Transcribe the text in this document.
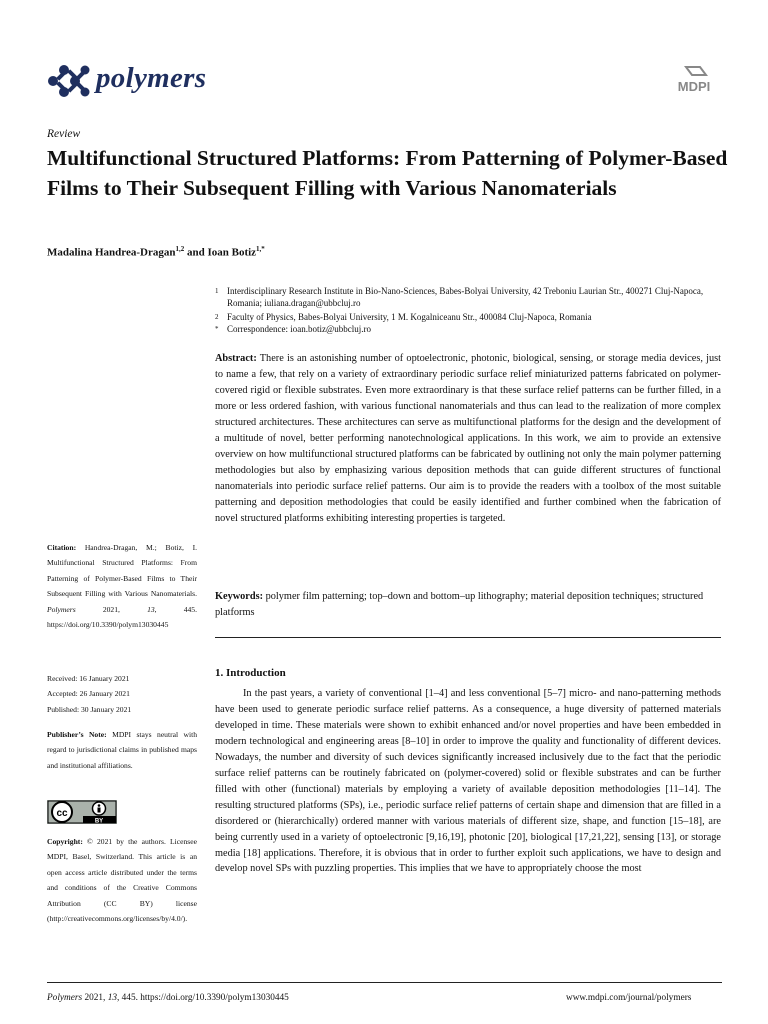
polymers	MDPI
Review
Multifunctional Structured Platforms: From Patterning of Polymer-Based Films to Their Subsequent Filling with Various Nanomaterials
Madalina Handrea-Dragan$^{1,2}$ and Ioan Botiz$^{1,*}$
1 Interdisciplinary Research Institute in Bio-Nano-Sciences, Babes-Bolyai University, 42 Treboniu Laurian Str., 400271 Cluj-Napoca, Romania; iuliana.dragan@ubbcluj.ro
2 Faculty of Physics, Babes-Bolyai University, 1 M. Kogalniceanu Str., 400084 Cluj-Napoca, Romania
* Correspondence: ioan.botiz@ubbcluj.ro
Abstract: There is an astonishing number of optoelectronic, photonic, biological, sensing, or storage media devices, just to name a few, that rely on a variety of extraordinary periodic surface relief miniaturized patterns fabricated on polymer-covered rigid or flexible substrates. Even more extraordinary is that these surface relief patterns can be further filled, in a more or less ordered fashion, with various functional nanomaterials and thus can lead to the realization of more complex structured architectures. These architectures can serve as multifunctional platforms for the design and the development of a multitude of novel, better performing nanotechnological applications. In this work, we aim to provide an extensive overview on how multifunctional structured platforms can be fabricated by outlining not only the main polymer patterning methodologies but also by emphasizing various deposition methods that can guide different structures of functional nanomaterials into periodic surface relief patterns. Our aim is to provide the readers with a toolbox of the most suitable patterning and deposition methodologies that could be easily identified and further combined when the fabrication of novel structured platforms exhibiting interesting properties is targeted.
Keywords: polymer film patterning; top–down and bottom–up lithography; material deposition techniques; structured platforms
1. Introduction
In the past years, a variety of conventional [1–4] and less conventional [5–7] micro- and nano-patterning methods have been used to generate periodic surface relief patterns. As a consequence, a huge diversity of patterned materials developed in time. These materials were shown to exhibit enhanced and/or novel properties and have been embedded in modern technological and engineering areas [8–10] in order to improve the quality and functionality of different devices. Nowadays, the number and diversity of such devices significantly increased inclusively due to the fact that the periodic surface relief patterns can be routinely fabricated on (polymer-covered) solid or flexible substrates and can be further filled with other (functional) materials by employing a variety of available deposition methodologies [11–14]. The resulting structured platforms (SPs), i.e., periodic surface relief patterns of certain shape and dimension that are filled in a disordered or (hierarchically) ordered manner with various materials of different size, shape, and function [15–18], are being currently used in a variety of optoelectronic [9,16,19], photonic [20], biological [17,21,22], sensing [13], or storage media [18] applications. Therefore, it is obvious that in order to further exploit such applications, we have to design and develop novel SPs with puzzling properties. This implies that we have to appropriately choose the most
Citation: Handrea-Dragan, M.; Botiz, I. Multifunctional Structured Platforms: From Patterning of Polymer-Based Films to Their Subsequent Filling with Various Nanomaterials. Polymers 2021, 13, 445. https://doi.org/10.3390/polym13030445
Received: 16 January 2021
Accepted: 26 January 2021
Published: 30 January 2021
Publisher’s Note: MDPI stays neutral with regard to jurisdictional claims in published maps and institutional affiliations.
cc
BY
Copyright: © 2021 by the authors. Licensee MDPI, Basel, Switzerland. This article is an open access article distributed under the terms and conditions of the Creative Commons Attribution (CC BY) license (http://creativecommons.org/licenses/by/4.0/).
Polymers 2021, 13, 445. https://doi.org/10.3390/polym13030445	www.mdpi.com/journal/polymers
